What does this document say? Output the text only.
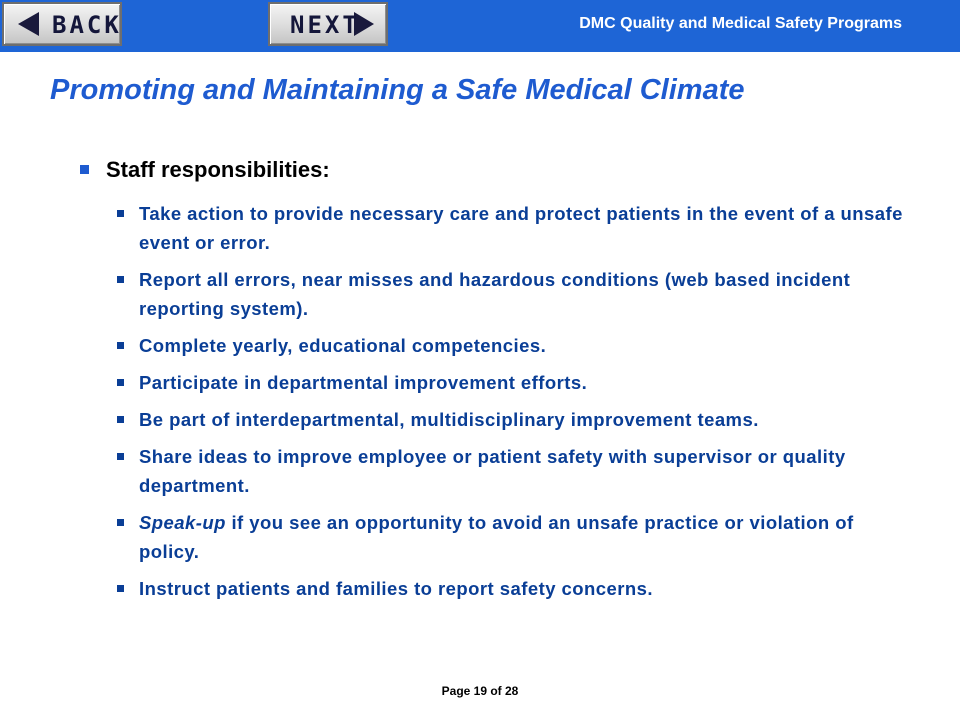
BACK	NEXT	DMC Quality and Medical Safety Programs
Promoting and Maintaining a Safe Medical Climate
Staff responsibilities:
Take action to provide necessary care and protect patients in the event of a unsafe event or error.
Report all errors, near misses and hazardous conditions (web based incident reporting system).
Complete yearly, educational competencies.
Participate in departmental improvement efforts.
Be part of interdepartmental, multidisciplinary improvement teams.
Share ideas to improve employee or patient safety with supervisor or quality department.
Speak-up if you see an opportunity to avoid an unsafe practice or violation of policy.
Instruct patients and families to report safety concerns.
Page 19 of 28
